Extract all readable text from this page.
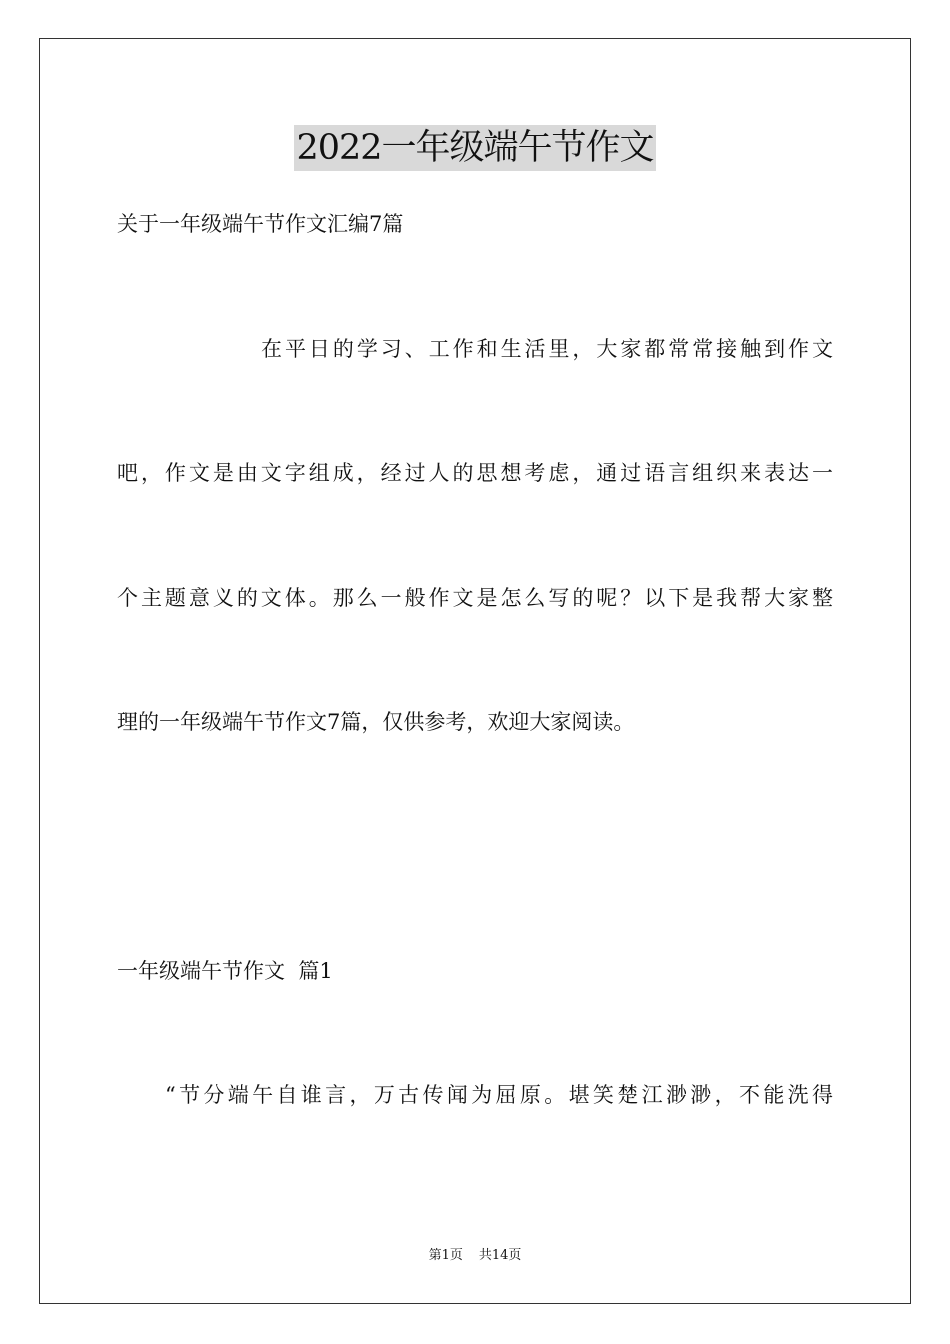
2022一年级端午节作文

关于一年级端午节作文汇编7篇

在平日的学习、工作和生活里，大家都常常接触到作文

吧，作文是由文字组成，经过人的思想考虑，通过语言组织来表达一

个主题意义的文体。那么一般作文是怎么写的呢？以下是我帮大家整

理的一年级端午节作文7篇，仅供参考，欢迎大家阅读。

一年级端午节作文  篇1

“节分端午自谁言，万古传闻为屈原。堪笑楚江渺渺，不能洗得

第1页 共14页
